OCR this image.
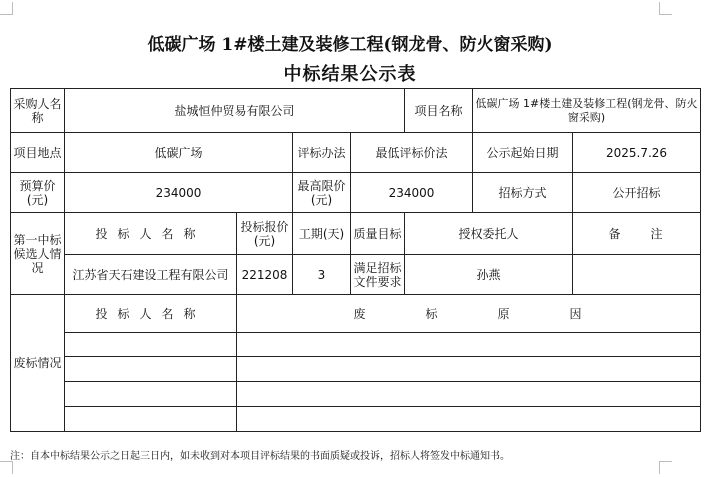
低碳广场 1#楼土建及装修工程(钢龙骨、防火窗采购)
中标结果公示表
采购人名称	盐城恒仲贸易有限公司				项目名称	低碳广场 1#楼土建及装修工程(钢龙骨、防火窗采购)	
项目地点	低碳广场		评标办法	最低评标价法		公示起始日期	2025.7.26
预算价(元)	234000		最高限价(元)	234000		招标方式	公开招标
第一中标候选人情况	投标人名称	投标报价(元)	工期(天)	质量目标	授权委托人		备注
	江苏省天石建设工程有限公司	221208	3	满足招标文件要求	孙燕		
废标情况	投标人名称	废标原因					

注：自本中标结果公示之日起三日内，如未收到对本项目评标结果的书面质疑或投诉，招标人将签发中标通知书。
